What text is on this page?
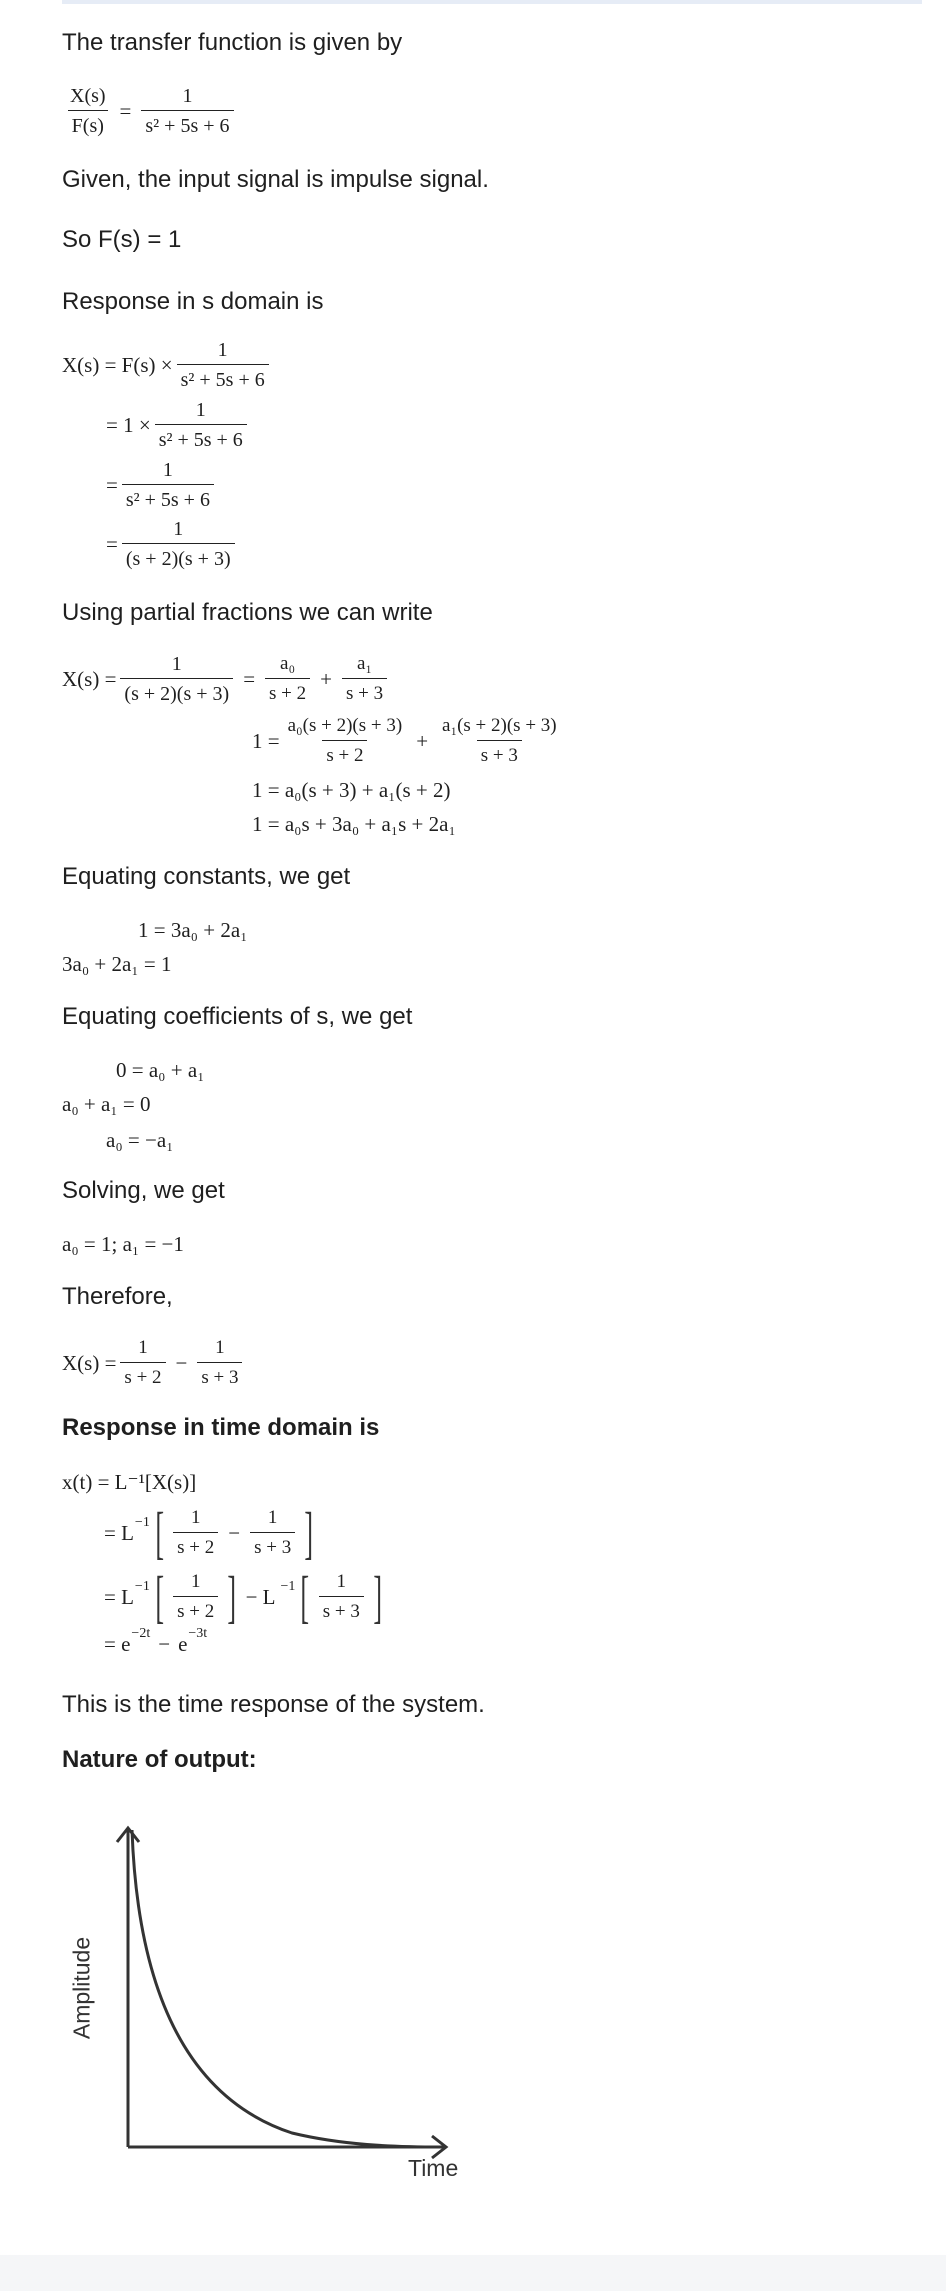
The transfer function is given by
$\frac{X(s)}{F(s)} = \frac{1}{\text{s² + 5s + 6}}$
Given, the input signal is impulse signal.
So F(s) = 1
Response in s domain is
$X(s) = F(s) \times \frac{1}{\text{s² + 5s + 6}}$
= $1 \times \frac{1}{\text{s² + 5s + 6}}$
= $\frac{1}{\text{s² + 5s + 6}}$
= $\frac{1}{(s + 2)(s + 3)}$
Using partial fractions we can write
$X(s) = \frac{1}{(s + 2)(s + 3)} = \frac{\text{a₀}}{s + 2} + \frac{\text{a₁}}{s + 3}$
$1 = \frac{\text{a₀(s + 2)(s + 3)}}{s + 2} + \frac{\text{a₁(s + 2)(s + 3)}}{s + 3}$
1 = a₀(s + 3) + a₁(s + 2)
1 = a₀s + 3a₀ + a₁s + 2a₁
Equating constants, we get
1 = 3a₀ + 2a₁
3a₀ + 2a₁ = 1
Equating coefficients of s, we get
0 = a₀ + a₁
a₀ + a₁ = 0
a₀ = −a₁
Solving, we get
a₀ = 1; a₁ = −1
Therefore,
$X(s) = \frac{1}{s + 2} - \frac{1}{s + 3}$
Response in time domain is
x(t) = L⁻¹[X(s)]
= L −1 [ $\frac{1}{s + 2} - \frac{1}{s + 3}$ ]
= L −1 [ $\frac{1}{s + 2}$ ] − L −1 [ $\frac{1}{s + 3}$ ]
= e −2t − e −3t
This is the time response of the system.
Nature of output:
Amplitude
Time
